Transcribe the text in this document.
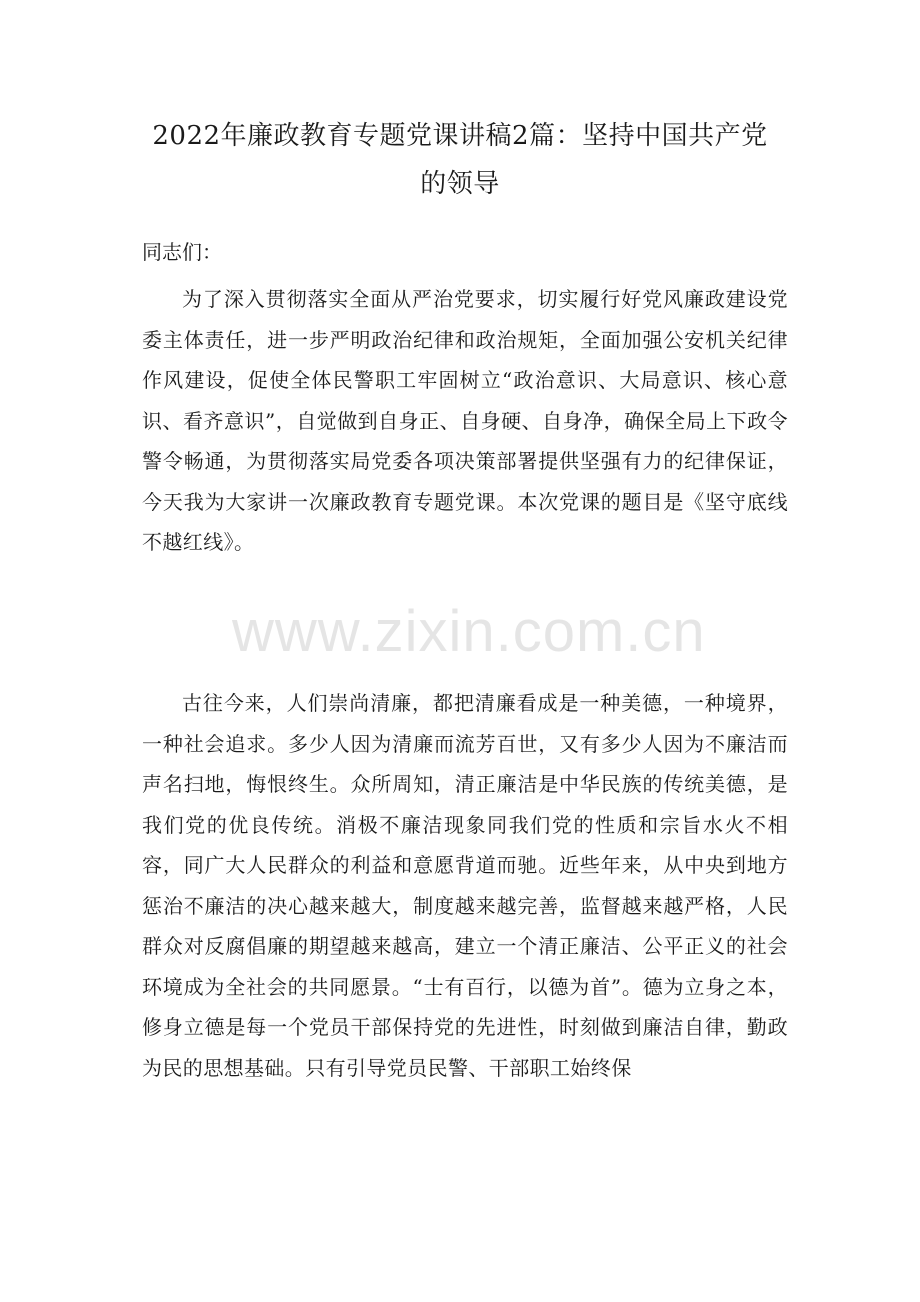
2022年廉政教育专题党课讲稿2篇：坚持中国共产党
的领导

同志们：

为了深入贯彻落实全面从严治党要求，切实履行好党风廉政建设党委主体责任，进一步严明政治纪律和政治规矩，全面加强公安机关纪律作风建设，促使全体民警职工牢固树立“政治意识、大局意识、核心意识、看齐意识”，自觉做到自身正、自身硬、自身净，确保全局上下政令警令畅通，为贯彻落实局党委各项决策部署提供坚强有力的纪律保证，今天我为大家讲一次廉政教育专题党课。本次党课的题目是《坚守底线 不越红线》。

古往今来，人们崇尚清廉，都把清廉看成是一种美德，一种境界，一种社会追求。多少人因为清廉而流芳百世，又有多少人因为不廉洁而声名扫地，悔恨终生。众所周知，清正廉洁是中华民族的传统美德，是我们党的优良传统。消极不廉洁现象同我们党的性质和宗旨水火不相容，同广大人民群众的利益和意愿背道而驰。近些年来，从中央到地方惩治不廉洁的决心越来越大，制度越来越完善，监督越来越严格，人民群众对反腐倡廉的期望越来越高，建立一个清正廉洁、公平正义的社会环境成为全社会的共同愿景。“士有百行，以德为首”。德为立身之本，修身立德是每一个党员干部保持党的先进性，时刻做到廉洁自律，勤政为民的思想基础。只有引导党员民警、干部职工始终保

www.zixin.com.cn
